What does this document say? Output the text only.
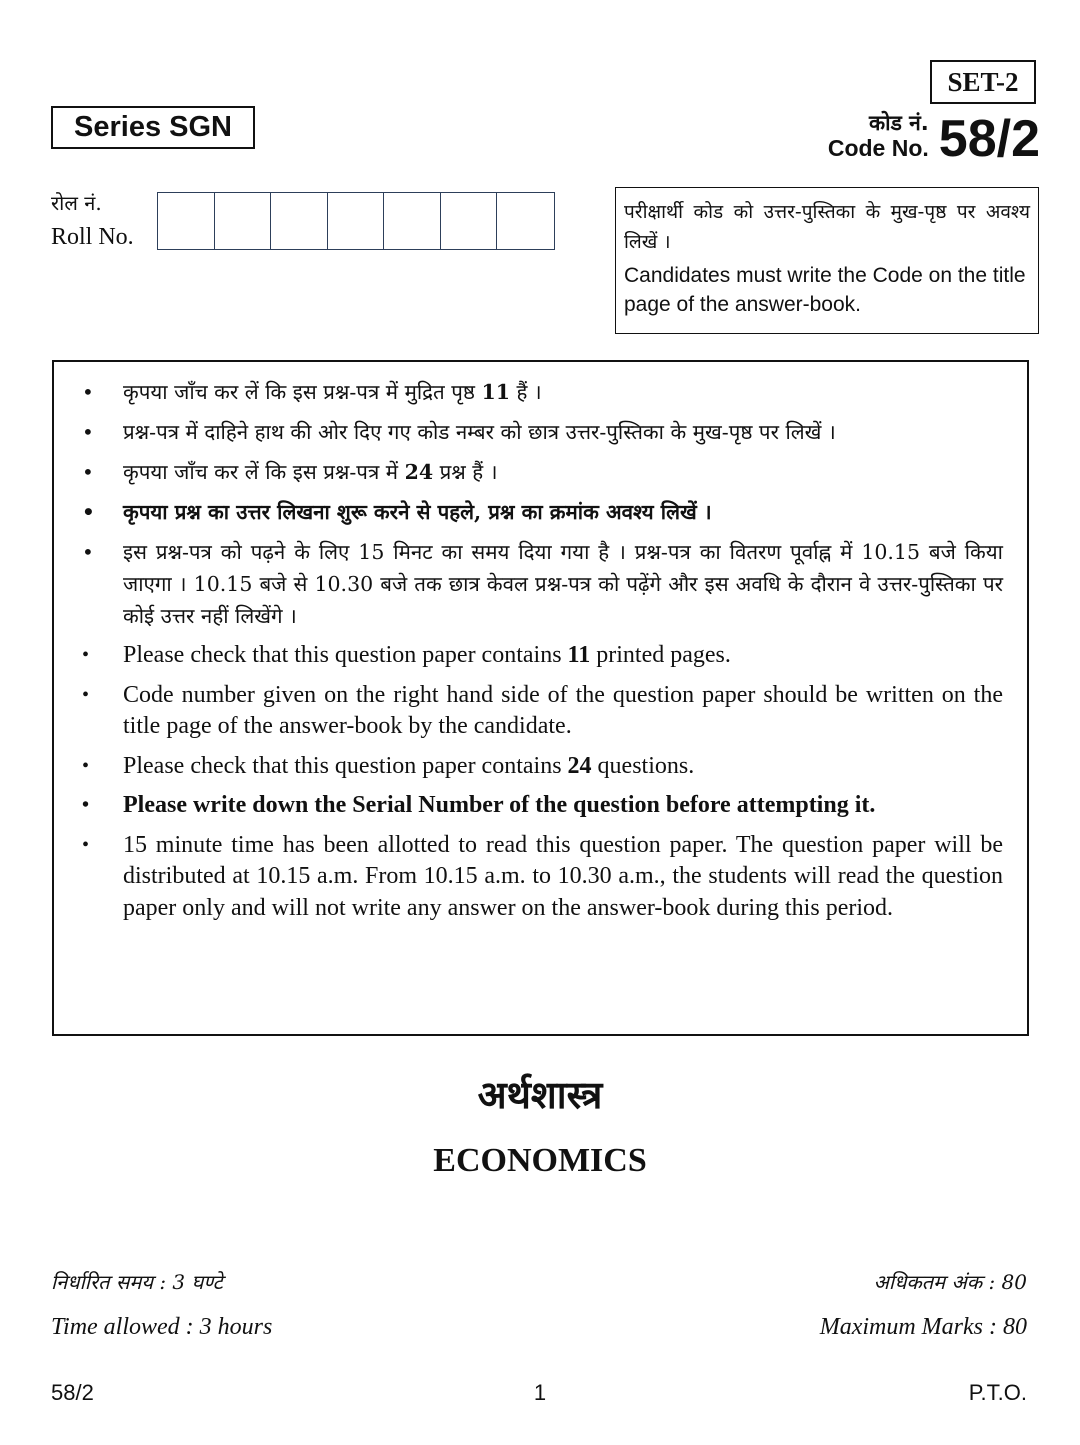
SET-2
Series SGN	कोड नं.
Code No. 58/2
रोल नं.
Roll No.
परीक्षार्थी कोड को उत्तर-पुस्तिका के मुख-पृष्ठ पर अवश्य लिखें ।
Candidates must write the Code on the title page of the answer-book.
•	कृपया जाँच कर लें कि इस प्रश्न-पत्र में मुद्रित पृष्ठ 11 हैं ।
•	प्रश्न-पत्र में दाहिने हाथ की ओर दिए गए कोड नम्बर को छात्र उत्तर-पुस्तिका के मुख-पृष्ठ पर लिखें ।
•	कृपया जाँच कर लें कि इस प्रश्न-पत्र में 24 प्रश्न हैं ।
•	कृपया प्रश्न का उत्तर लिखना शुरू करने से पहले, प्रश्न का क्रमांक अवश्य लिखें ।
•	इस प्रश्न-पत्र को पढ़ने के लिए 15 मिनट का समय दिया गया है । प्रश्न-पत्र का वितरण पूर्वाह्न में 10.15 बजे किया जाएगा । 10.15 बजे से 10.30 बजे तक छात्र केवल प्रश्न-पत्र को पढ़ेंगे और इस अवधि के दौरान वे उत्तर-पुस्तिका पर कोई उत्तर नहीं लिखेंगे ।
•	Please check that this question paper contains 11 printed pages.
•	Code number given on the right hand side of the question paper should be written on the title page of the answer-book by the candidate.
•	Please check that this question paper contains 24 questions.
•	Please write down the Serial Number of the question before attempting it.
•	15 minute time has been allotted to read this question paper. The question paper will be distributed at 10.15 a.m. From 10.15 a.m. to 10.30 a.m., the students will read the question paper only and will not write any answer on the answer-book during this period.
अर्थशास्त्र
ECONOMICS
निर्धारित समय : 3 घण्टे
Time allowed : 3 hours
अधिकतम अंक : 80
Maximum Marks : 80
58/2	1	P.T.O.
